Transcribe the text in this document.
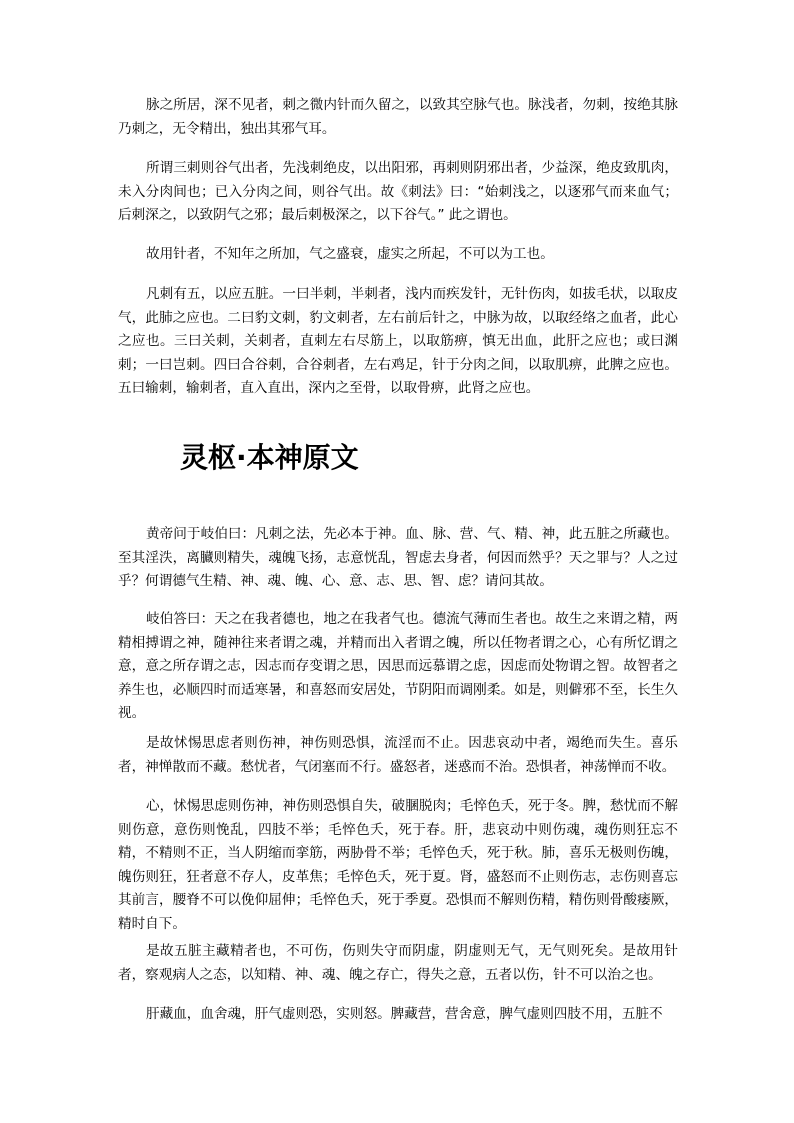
脉之所居，深不见者，刺之微内针而久留之，以致其空脉气也。脉浅者，勿刺，按绝其脉乃刺之，无令精出，独出其邪气耳。

所谓三刺则谷气出者，先浅刺绝皮，以出阳邪，再刺则阴邪出者，少益深，绝皮致肌肉，未入分肉间也；已入分肉之间，则谷气出。故《刺法》曰：“始刺浅之，以逐邪气而来血气；后刺深之，以致阴气之邪；最后刺极深之，以下谷气。” 此之谓也。

故用针者，不知年之所加，气之盛衰，虚实之所起，不可以为工也。

凡刺有五，以应五脏。一曰半刺，半刺者，浅内而疾发针，无针伤肉，如拔毛状，以取皮气，此肺之应也。二曰豹文刺，豹文刺者，左右前后针之，中脉为故，以取经络之血者，此心之应也。三曰关刺，关刺者，直刺左右尽筋上，以取筋痹，慎无出血，此肝之应也；或曰渊刺；一曰岂刺。四曰合谷刺，合谷刺者，左右鸡足，针于分肉之间，以取肌痹，此脾之应也。五曰输刺，输刺者，直入直出，深内之至骨，以取骨痹，此肾之应也。

灵枢·本神原文

黄帝问于岐伯曰：凡刺之法，先必本于神。血、脉、营、气、精、神，此五脏之所藏也。至其淫泆，离臓则精失，魂魄飞扬，志意恍乱，智虑去身者，何因而然乎？天之罪与？人之过乎？何谓德气生精、神、魂、魄、心、意、志、思、智、虑？请问其故。

岐伯答曰：天之在我者德也，地之在我者气也。德流气薄而生者也。故生之来谓之精，两精相搏谓之神，随神往来者谓之魂，并精而出入者谓之魄，所以任物者谓之心，心有所忆谓之意，意之所存谓之志，因志而存变谓之思，因思而远慕谓之虑，因虑而处物谓之智。故智者之养生也，必顺四时而适寒暑，和喜怒而安居处，节阴阳而调刚柔。如是，则僻邪不至，长生久视。

是故怵惕思虑者则伤神，神伤则恐惧，流淫而不止。因悲哀动中者，竭绝而失生。喜乐者，神惮散而不藏。愁忧者，气闭塞而不行。盛怒者，迷惑而不治。恐惧者，神荡惮而不收。

心，怵惕思虑则伤神，神伤则恐惧自失，破䐃脱肉；毛悴色夭，死于冬。脾，愁忧而不解则伤意，意伤则悗乱，四肢不举；毛悴色夭，死于春。肝，悲哀动中则伤魂，魂伤则狂忘不精，不精则不正，当人阴缩而挛筋，两胁骨不举；毛悴色夭，死于秋。肺，喜乐无极则伤魄，魄伤则狂，狂者意不存人，皮革焦；毛悴色夭，死于夏。肾，盛怒而不止则伤志，志伤则喜忘其前言，腰脊不可以俛仰屈伸；毛悴色夭，死于季夏。恐惧而不解则伤精，精伤则骨酸痿厥，精时自下。

是故五脏主藏精者也，不可伤，伤则失守而阴虚，阴虚则无气，无气则死矣。是故用针者，察观病人之态，以知精、神、魂、魄之存亡，得失之意，五者以伤，针不可以治之也。

肝藏血，血舍魂，肝气虚则恐，实则怒。脾藏营，营舍意，脾气虚则四肢不用，五脏不
